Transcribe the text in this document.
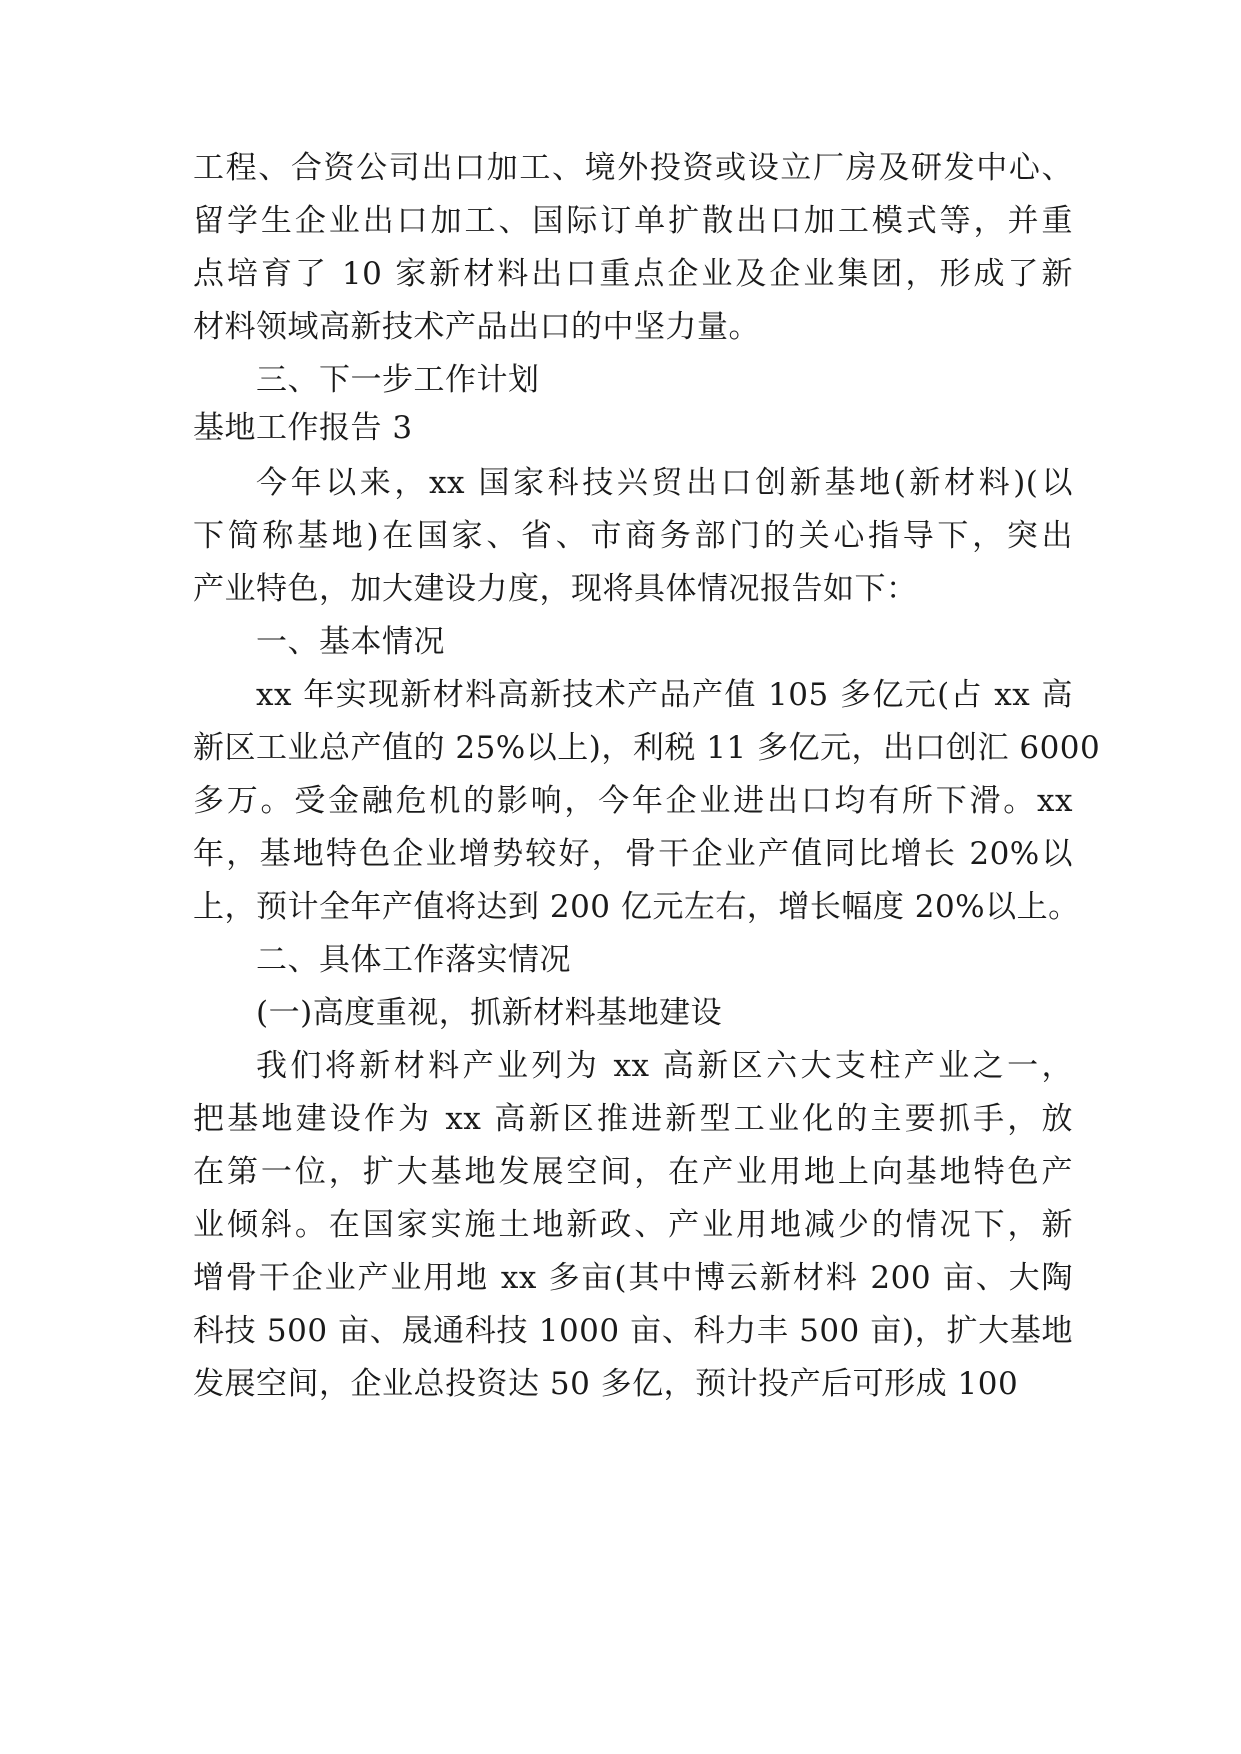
工程、合资公司出口加工、境外投资或设立厂房及研发中心、
留学生企业出口加工、国际订单扩散出口加工模式等，并重
点培育了 10 家新材料出口重点企业及企业集团，形成了新
材料领域高新技术产品出口的中坚力量。
三、下一步工作计划
基地工作报告 3
今年以来，xx 国家科技兴贸出口创新基地(新材料)(以
下简称基地)在国家、省、市商务部门的关心指导下，突出
产业特色，加大建设力度，现将具体情况报告如下：
一、基本情况
xx 年实现新材料高新技术产品产值 105 多亿元(占 xx 高
新区工业总产值的 25%以上)，利税 11 多亿元，出口创汇 6000
多万。受金融危机的影响，今年企业进出口均有所下滑。xx
年，基地特色企业增势较好，骨干企业产值同比增长 20%以
上，预计全年产值将达到 200 亿元左右，增长幅度 20%以上。
二、具体工作落实情况
(一)高度重视，抓新材料基地建设
我们将新材料产业列为 xx 高新区六大支柱产业之一，
把基地建设作为 xx 高新区推进新型工业化的主要抓手，放
在第一位，扩大基地发展空间，在产业用地上向基地特色产
业倾斜。在国家实施土地新政、产业用地减少的情况下，新
增骨干企业产业用地 xx 多亩(其中博云新材料 200 亩、大陶
科技 500 亩、晟通科技 1000 亩、科力丰 500 亩)，扩大基地
发展空间，企业总投资达 50 多亿，预计投产后可形成 100
